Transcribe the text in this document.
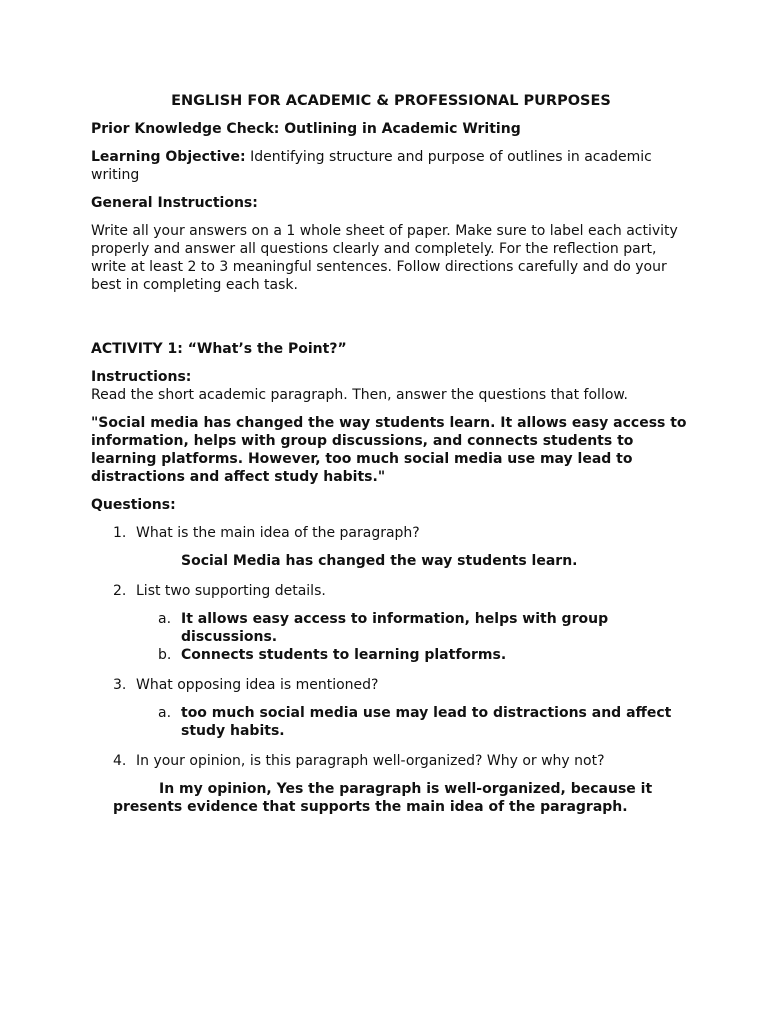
ENGLISH FOR ACADEMIC & PROFESSIONAL PURPOSES

Prior Knowledge Check: Outlining in Academic Writing

Learning Objective: Identifying structure and purpose of outlines in academic writing

General Instructions:

Write all your answers on a 1 whole sheet of paper. Make sure to label each activity properly and answer all questions clearly and completely. For the reflection part, write at least 2 to 3 meaningful sentences. Follow directions carefully and do your best in completing each task.

ACTIVITY 1: “What’s the Point?”

Instructions:

Read the short academic paragraph. Then, answer the questions that follow.

"Social media has changed the way students learn. It allows easy access to information, helps with group discussions, and connects students to learning platforms. However, too much social media use may lead to distractions and affect study habits."

Questions:

1. What is the main idea of the paragraph?

Social Media has changed the way students learn.

2. List two supporting details.
a. It allows easy access to information, helps with group discussions.
b. Connects students to learning platforms.
3. What opposing idea is mentioned?
a. too much social media use may lead to distractions and affect study habits.
4. In your opinion, is this paragraph well-organized? Why or why not?

In my opinion, Yes the paragraph is well-organized, because it presents evidence that supports the main idea of the paragraph.
